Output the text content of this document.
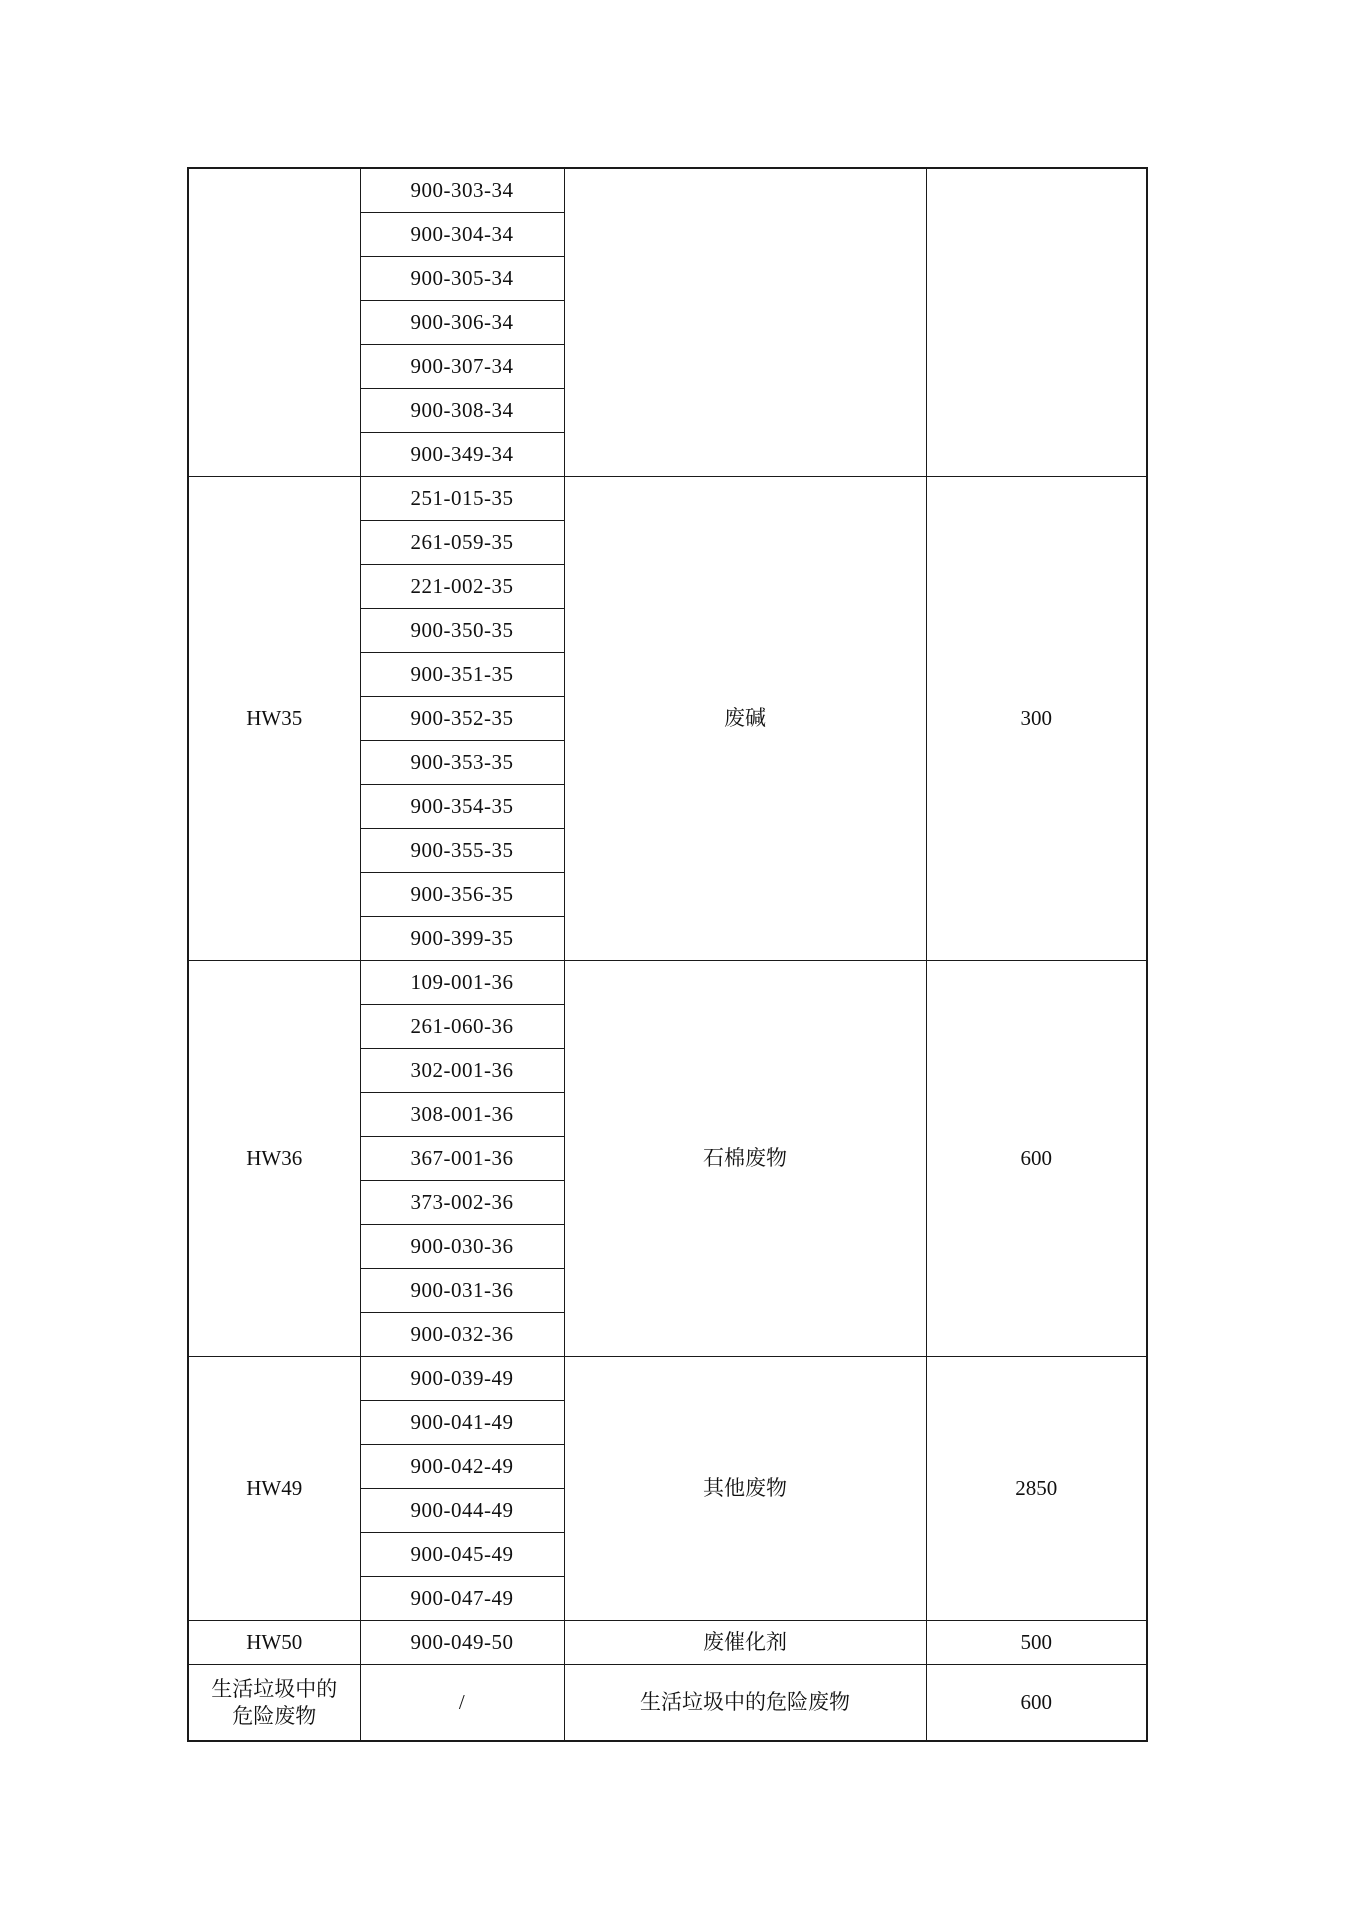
	900-303-34		
	900-304-34		
	900-305-34		
	900-306-34		
	900-307-34		
	900-308-34		
	900-349-34		
HW35	251-015-35	废碱	300
	261-059-35		
	221-002-35		
	900-350-35		
	900-351-35		
	900-352-35		
	900-353-35		
	900-354-35		
	900-355-35		
	900-356-35		
	900-399-35		
HW36	109-001-36	石棉废物	600
	261-060-36		
	302-001-36		
	308-001-36		
	367-001-36		
	373-002-36		
	900-030-36		
	900-031-36		
	900-032-36		
HW49	900-039-49	其他废物	2850
	900-041-49		
	900-042-49		
	900-044-49		
	900-045-49		
	900-047-49		
HW50	900-049-50	废催化剂	500

生活垃圾中的
危险废物	/	生活垃圾中的危险废物	600
